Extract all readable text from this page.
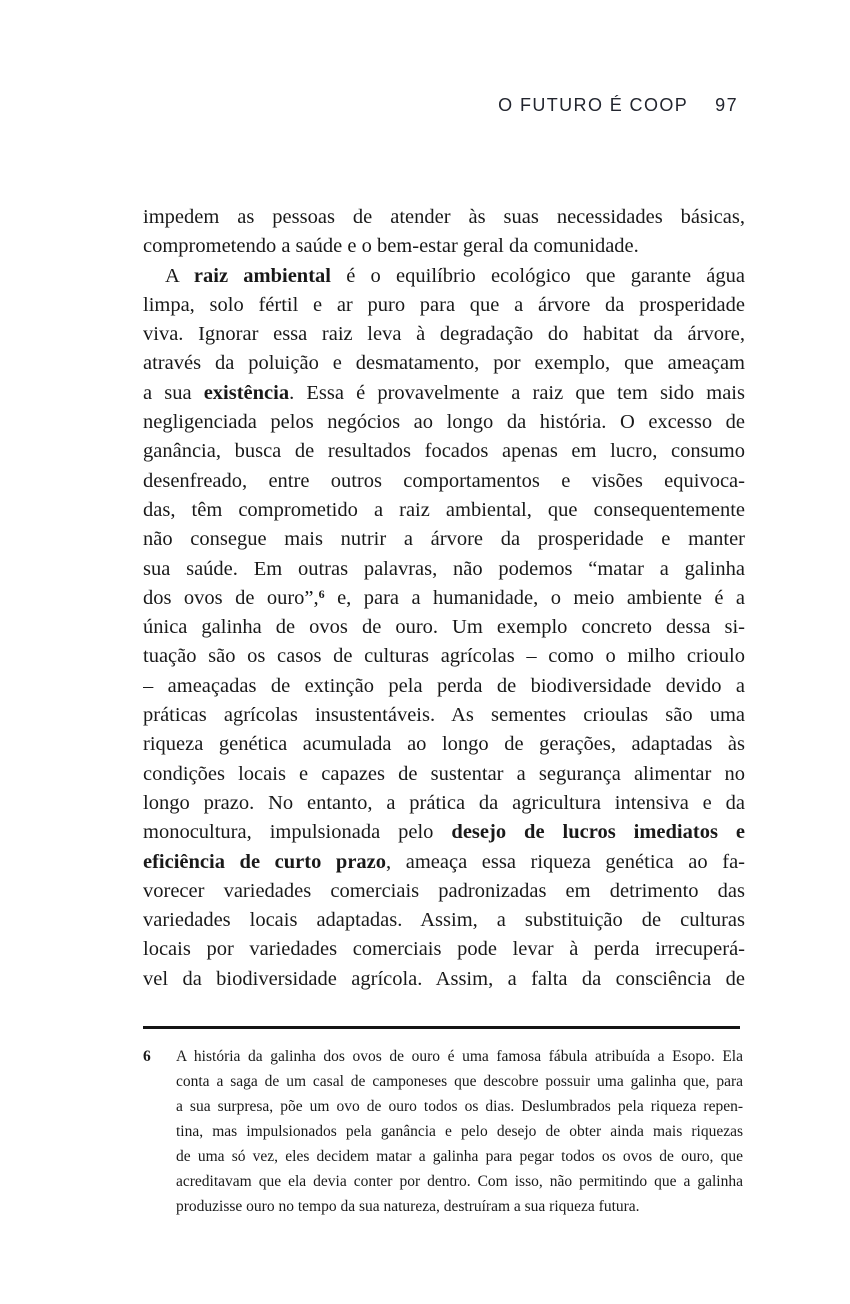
O FUTURO É COOP 97
impedem as pessoas de atender às suas necessidades básicas,
comprometendo a saúde e o bem-estar geral da comunidade.
A raiz ambiental é o equilíbrio ecológico que garante água
limpa, solo fértil e ar puro para que a árvore da prosperidade
viva. Ignorar essa raiz leva à degradação do habitat da árvore,
através da poluição e desmatamento, por exemplo, que ameaçam
a sua existência. Essa é provavelmente a raiz que tem sido mais
negligenciada pelos negócios ao longo da história. O excesso de
ganância, busca de resultados focados apenas em lucro, consumo
desenfreado, entre outros comportamentos e visões equivoca-
das, têm comprometido a raiz ambiental, que consequentemente
não consegue mais nutrir a árvore da prosperidade e manter
sua saúde. Em outras palavras, não podemos “matar a galinha
dos ovos de ouro”,$^6$ e, para a humanidade, o meio ambiente é a
única galinha de ovos de ouro. Um exemplo concreto dessa si-
tuação são os casos de culturas agrícolas – como o milho crioulo
– ameaçadas de extinção pela perda de biodiversidade devido a
práticas agrícolas insustentáveis. As sementes crioulas são uma
riqueza genética acumulada ao longo de gerações, adaptadas às
condições locais e capazes de sustentar a segurança alimentar no
longo prazo. No entanto, a prática da agricultura intensiva e da
monocultura, impulsionada pelo desejo de lucros imediatos e
eficiência de curto prazo, ameaça essa riqueza genética ao fa-
vorecer variedades comerciais padronizadas em detrimento das
variedades locais adaptadas. Assim, a substituição de culturas
locais por variedades comerciais pode levar à perda irrecuperá-
vel da biodiversidade agrícola. Assim, a falta da consciência de
6	A história da galinha dos ovos de ouro é uma famosa fábula atribuída a Esopo. Ela
conta a saga de um casal de camponeses que descobre possuir uma galinha que, para
a sua surpresa, põe um ovo de ouro todos os dias. Deslumbrados pela riqueza repen-
tina, mas impulsionados pela ganância e pelo desejo de obter ainda mais riquezas
de uma só vez, eles decidem matar a galinha para pegar todos os ovos de ouro, que
acreditavam que ela devia conter por dentro. Com isso, não permitindo que a galinha
produzisse ouro no tempo da sua natureza, destruíram a sua riqueza futura.
